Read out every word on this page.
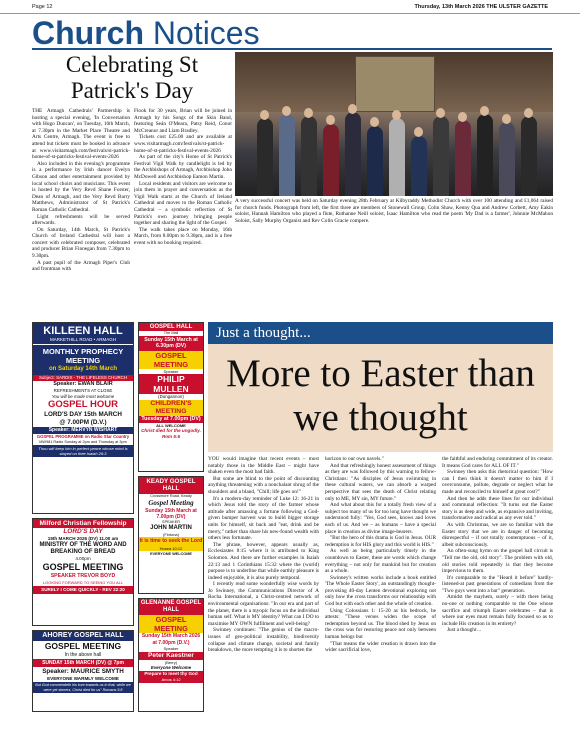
Page 12	Thursday, 13th March 2026 THE ULSTER GAZETTE
Church Notices
Celebrating St Patrick's Day

THE Armagh Cathedrals' Partnership is hosting a special evening, 'In Conversation with Hugo Duncan', on Tuesday, 10th March, at 7.30pm in the Market Place Theatre and Arts Centre, Armagh. The event is free to attend but tickets must be booked in advance at www.visitarmagh.com/festivals/st-patrick-home-of-st-patricks-festival-events-2026

Also included in this evening's programme is a performance by Irish dancer Evelyn Gibson and other entertainment provided by local school choirs and musicians. This event is hosted by the Very Revd Shane Forster, Dean of Armagh, and the Very Revd Barry Matthews, Administrator of St Patrick's Roman Catholic Cathedral.

Light refreshments will be served afterwards.

On Saturday, 14th March, St Patrick's Church of Ireland Cathedral will host a concert with celebrated composer, celebrated and producer Brian Finnegan from 7.30pm to 9.30pm.

A past pupil of the Armagh Piper's Club and frontman with

Flook for 30 years, Brian will be joined in Armagh by his Songs of the Skin Band, featuring Seán O'Meara, Patsy Reid, Conor McCreanor and Liam Bradley.

Tickets cost £25.00 and are available at www.visitarmagh.com/festivals/st-patrick-home-of-st-patricks-festival-events-2026

As part of the city's Home of St Patrick's Festival Vigil Walk by candlelight is led by the Archbishops of Armagh, Archbishop John McDowell and Archbishop Eamon Martin.

Local residents and visitors are welcome to join them in prayer and conversation as the Vigil Walk starts at the Church of Ireland Cathedral and moves to the Roman Catholic Cathedral – a symbolic reflection of St Patrick's own journey bringing people together and sharing the light of the Gospel.

The walk takes place on Monday, 16th March, from 8.00pm to 9.30pm, and is a free event with no booking required.

A very successful concert was held on Saturday evening 28th February at Kilbyraddy Methodist Church with over 100 attending and £1,064 raised for church funds. Photograph from left, the first three are members of Stonewall Group, Colin Shaw, Kenny Qua and Andrew Corbett, Amy Eakin soloist, Hannah Hamilton who played a flute, Ruthanne Neill soloist, Isaac Hamilton who read the poem 'My Dad is a farmer', Johnnie McMahon Soloist, Sally Murphy Organist and Rev Colin Gracie compere.
KILLEEN HALL
MARKETHILL ROAD • ARMAGH
MONTHLY PROPHECY
MEETING
on Saturday 14th March
Subject: SARDIS - THE LIFELESS CHURCH
Speaker: EWAN BLAIR
REFRESHMENTS AT CLOSE
You will be made most welcome
GOSPEL HOUR
LORD'S DAY 15th MARCH
@ 7.00PM (D.V.)
Speaker: MERVYN WISHART
GOSPEL PROGRAMME on Radio Star Country
MW981 Radio Sunday at 2pm and Thursday at 3pm
Thou will keep him in perfect peace whose mind is stayed on thee Isaiah 26:3
Milford Christian Fellowship
LORD'S DAY
15th MARCH 2026 (DV) 11.00 am
MINISTRY OF THE WORD AND BREAKING OF BREAD
4.00pm
GOSPEL MEETING
SPEAKER TREVOR BOYD
LOOKING FORWARD TO SEEING YOU ALL
SURELY I COME QUICKLY - REV 22:20
AHOREY GOSPEL HALL
GOSPEL MEETING
In the above hall
SUNDAY 15th MARCH (DV) @ 7pm
Speaker: MAURICE SMYTH
EVERYONE WARMLY WELCOME
But God commendeth his love towards us in that, while we were yet sinners, Christ died for us" Romans 5:8
GOSPEL HALL
The Mall
Sunday 15th March at 6.30pm (DV)
GOSPEL MEETING
Speaker
PHILIP MULLEN
(Dungannon)
CHILDREN'S MEETING
Tuesday at 7.00pm (DV)
ALL WELCOME
Christ died for the ungodly. Rom 5:6
KEADY GOSPEL HALL
Crossmore Road, Keady
Gospel Meeting
Sunday 15th March at 7.00pm (DV)
SPEAKER
JOHN MARTIN
(Fintona)
It is time to seek the Lord
Hosea 10:12
EVERYONE WELCOME
GLENANNE GOSPEL HALL
GOSPEL MEETING
Sunday 15th March 2026 at 7.00pm (D.V.)
Speaker
Peter Kaestner
(Berry)
Everyone Welcome
Prepare to meet thy God
Amos 4:12
Just a thought...
More to Easter than we thought

YOU would imagine that recent events – most notably those in the Middle East – might have shaken even the most bad faith.

But some are blind to the point of discounting anything threatening with a nonchalant shrug of the shoulders and a bland, "Chill; life goes on!"

It's a modern-day reminder of Luke 12: 16-21 in which Jesus told the story of the farmer whose attitude after amassing a fortune following a God-given bumper harvest was to build bigger storage units for himself, sit back and "eat, drink and be merry," rather than share his new-found wealth with others less fortunate.

The phrase, however, appears usually as, Ecclesiastes 8:15 where it is attributed to King Solomon. And there are further examples in Isaiah 22:13 and 1 Corinthians 15:32 where the (world) purpose is to underline that while earthly pleasure is indeed enjoyable, it is also purely temporal.

I recently read some wonderfully wise words by Jo Swinney, the Communications Director of A Rocha International, a Christ-centred network of environmental organisations: "In our era and part of the planet, there is a myopic focus on the individual human self. What is MY identity? What can I DO to maximise MY OWN fulfilment and well-being?

Swinney continues: "The genius of the macro-issues of geo-political instability, biodiversity collapse and climate change, societal and family breakdown, the more tempting it is to shorten the

horizon to our own navels."

And that refreshingly honest assessment of things as they are was followed by this warning to fellow-Christians: "As disciples of Jesus swimming in these cultural waters, we can absorb a warped perspective that sees the death of Christ relating only to ME, MY sin, MY future."

And what about this for a totally fresh view of a subject too many of us for too long have thought we understood fully: "Yes, God sees, knows and loves each of us. And we – as humans – have a special place in creation as divine image-bearers.

"But the hero of this drama is God in Jesus. OUR redemption is for HIS glory and this world is HIS."

As well as being particularly timely in the countdown to Easter, these are words which change everything – not only for mankind but for creation as a whole.

Swinney's written works include a book entitled 'The Whole Easter Story', an outstandingly thought-provoking 40-day Lenten devotional exploring not only how the cross transforms our relationship with God but with each other and the whole of creation.

Using Colossians 1: 15-20 as his bedrock, he attests: "These verses widen the scope of redemption beyond us. The blood shed by Jesus on the cross was for restoring peace not only between human beings but

"That means the wider creation is drawn into the wider sacrificial love,

the faithful and enduring commitment of its creator. It means God cares for ALL OF IT."

Swinney then asks this rhetorical question: "How can I then think it doesn't matter to him if I overconsume, pollute, degrade or neglect what he made and reconciled to himself at great cost?"

And then he adds these lines for our individual and communal reflection: "It turns out the Easter story is as deep and wide, as expansive and inviting, transformative and radical as any ever told."

As with Christmas, we are so familiar with the Easter story that we are in danger of becoming disrespectful – if not totally contemptuous – of it, albeit subconsciously.

An often-sung hymn on the gospel hall circuit is "Tell me the old, old story". The problem with old, old stories told repeatedly is that they become impervious to them.

It's comparable to the "Heard it before" hardly-listened-at past generations of comedians from the "Two guys went into a bar" generation.

Amidst the mayhem, surely – with there being no-one or nothing comparable to the One whose sacrifice and triumph Easter celebrates – that is where our eyes must remain fully focused so as to include His creation in its entirety?

Just a thought…
